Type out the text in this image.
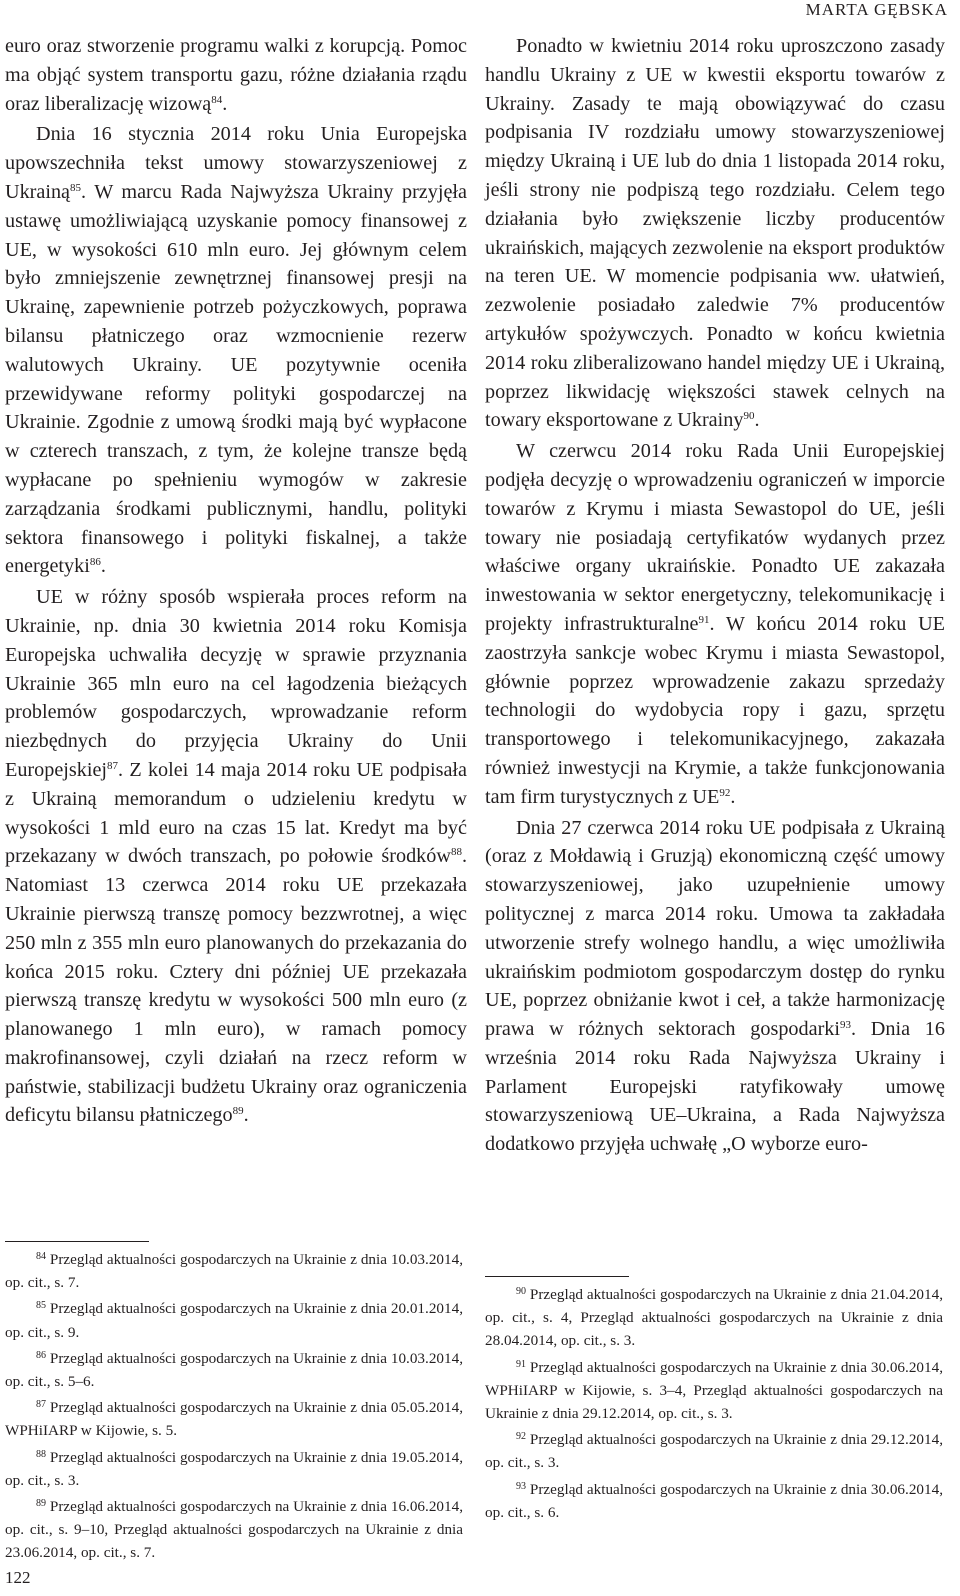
MARTA GĘBSKA

euro oraz stworzenie programu walki z korupcją. Pomoc ma objąć system transportu gazu, różne działania rządu oraz liberalizację wizową$^{84}$.

Dnia 16 stycznia 2014 roku Unia Europejska upowszechniła tekst umowy stowarzyszeniowej z Ukrainą$^{85}$. W marcu Rada Najwyższa Ukrainy przyjęła ustawę umożliwiającą uzyskanie pomocy finansowej z UE, w wysokości 610 mln euro. Jej głównym celem było zmniejszenie zewnętrznej finansowej presji na Ukrainę, zapewnienie potrzeb pożyczkowych, poprawa bilansu płatniczego oraz wzmocnienie rezerw walutowych Ukrainy. UE pozytywnie oceniła przewidywane reformy polityki gospodarczej na Ukrainie. Zgodnie z umową środki mają być wypłacone w czterech transzach, z tym, że kolejne transze będą wypłacane po spełnieniu wymogów w zakresie zarządzania środkami publicznymi, handlu, polityki sektora finansowego i polityki fiskalnej, a także energetyki$^{86}$.

UE w różny sposób wspierała proces reform na Ukrainie, np. dnia 30 kwietnia 2014 roku Komisja Europejska uchwaliła decyzję w sprawie przyznania Ukrainie 365 mln euro na cel łagodzenia bieżących problemów gospodarczych, wprowadzanie reform niezbędnych do przyjęcia Ukrainy do Unii Europejskiej$^{87}$. Z kolei 14 maja 2014 roku UE podpisała z Ukrainą memorandum o udzieleniu kredytu w wysokości 1 mld euro na czas 15 lat. Kredyt ma być przekazany w dwóch transzach, po połowie środków$^{88}$. Natomiast 13 czerwca 2014 roku UE przekazała Ukrainie pierwszą transzę pomocy bezzwrotnej, a więc 250 mln z 355 mln euro planowanych do przekazania do końca 2015 roku. Cztery dni później UE przekazała pierwszą transzę kredytu w wysokości 500 mln euro (z planowanego 1 mln euro), w ramach pomocy makrofinansowej, czyli działań na rzecz reform w państwie, stabilizacji budżetu Ukrainy oraz ograniczenia deficytu bilansu płatniczego$^{89}$.

Ponadto w kwietniu 2014 roku uproszczono zasady handlu Ukrainy z UE w kwestii eksportu towarów z Ukrainy. Zasady te mają obowiązywać do czasu podpisania IV rozdziału umowy stowarzyszeniowej między Ukrainą i UE lub do dnia 1 listopada 2014 roku, jeśli strony nie podpiszą tego rozdziału. Celem tego działania było zwiększenie liczby producentów ukraińskich, mających zezwolenie na eksport produktów na teren UE. W momencie podpisania ww. ułatwień, zezwolenie posiadało zaledwie 7% producentów artykułów spożywczych. Ponadto w końcu kwietnia 2014 roku zliberalizowano handel między UE i Ukrainą, poprzez likwidację większości stawek celnych na towary eksportowane z Ukrainy$^{90}$.

W czerwcu 2014 roku Rada Unii Europejskiej podjęła decyzję o wprowadzeniu ograniczeń w imporcie towarów z Krymu i miasta Sewastopol do UE, jeśli towary nie posiadają certyfikatów wydanych przez właściwe organy ukraińskie. Ponadto UE zakazała inwestowania w sektor energetyczny, telekomunikację i projekty infrastrukturalne$^{91}$. W końcu 2014 roku UE zaostrzyła sankcje wobec Krymu i miasta Sewastopol, głównie poprzez wprowadzenie zakazu sprzedaży technologii do wydobycia ropy i gazu, sprzętu transportowego i telekomunikacyjnego, zakazała również inwestycji na Krymie, a także funkcjonowania tam firm turystycznych z UE$^{92}$.

Dnia 27 czerwca 2014 roku UE podpisała z Ukrainą (oraz z Mołdawią i Gruzją) ekonomiczną część umowy stowarzyszeniowej, jako uzupełnienie umowy politycznej z marca 2014 roku. Umowa ta zakładała utworzenie strefy wolnego handlu, a więc umożliwiła ukraińskim podmiotom gospodarczym dostęp do rynku UE, poprzez obniżanie kwot i ceł, a także harmonizację prawa w różnych sektorach gospodarki$^{93}$. Dnia 16 września 2014 roku Rada Najwyższa Ukrainy i Parlament Europejski ratyfikowały umowę stowarzyszeniową UE–Ukraina, a Rada Najwyższa dodatkowo przyjęła uchwałę „O wyborze euro-

$^{84}$ Przegląd aktualności gospodarczych na Ukrainie z dnia 10.03.2014, op. cit., s. 7.

$^{85}$ Przegląd aktualności gospodarczych na Ukrainie z dnia 20.01.2014, op. cit., s. 9.

$^{86}$ Przegląd aktualności gospodarczych na Ukrainie z dnia 10.03.2014, op. cit., s. 5–6.

$^{87}$ Przegląd aktualności gospodarczych na Ukrainie z dnia 05.05.2014, WPHiIARP w Kijowie, s. 5.

$^{88}$ Przegląd aktualności gospodarczych na Ukrainie z dnia 19.05.2014, op. cit., s. 3.

$^{89}$ Przegląd aktualności gospodarczych na Ukrainie z dnia 16.06.2014, op. cit., s. 9–10, Przegląd aktualności gospodarczych na Ukrainie z dnia 23.06.2014, op. cit., s. 7.

$^{90}$ Przegląd aktualności gospodarczych na Ukrainie z dnia 21.04.2014, op. cit., s. 4, Przegląd aktualności gospodarczych na Ukrainie z dnia 28.04.2014, op. cit., s. 3.

$^{91}$ Przegląd aktualności gospodarczych na Ukrainie z dnia 30.06.2014, WPHiIARP w Kijowie, s. 3–4, Przegląd aktualności gospodarczych na Ukrainie z dnia 29.12.2014, op. cit., s. 3.

$^{92}$ Przegląd aktualności gospodarczych na Ukrainie z dnia 29.12.2014, op. cit., s. 3.

$^{93}$ Przegląd aktualności gospodarczych na Ukrainie z dnia 30.06.2014, op. cit., s. 6.

122
